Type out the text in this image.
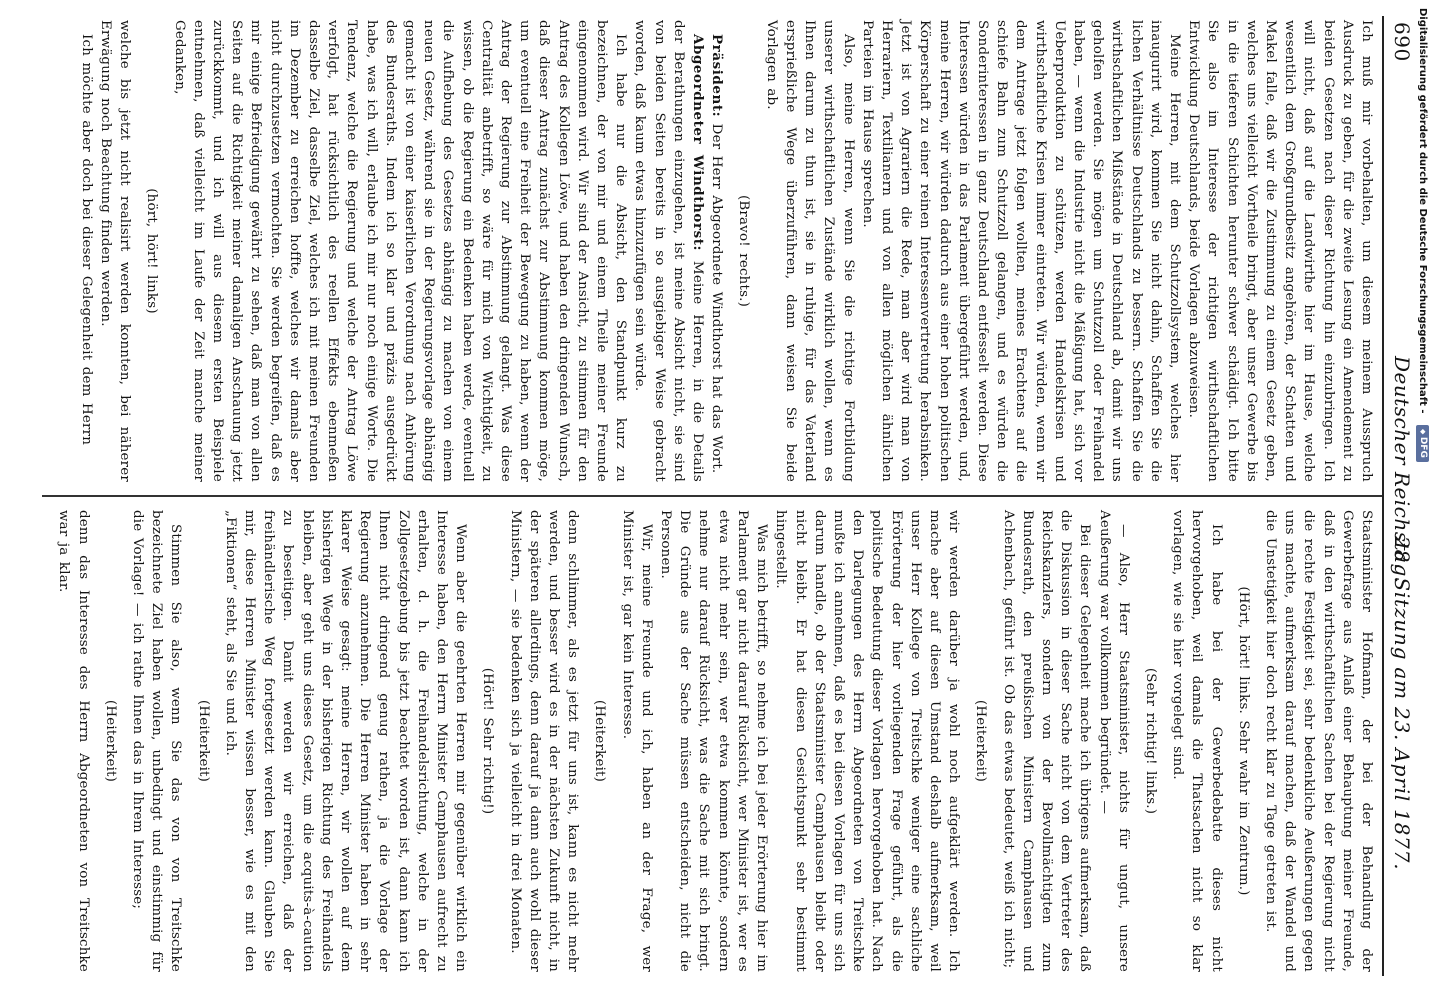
690
Deutscher Reichstag.
28. Sitzung am 23. April 1877.

Ich muß mir vorbehalten, um diesem meinem Ausspruch Ausdruck zu geben, für die zweite Lesung ein Amendement zu beiden Gesetzen nach dieser Richtung hin einzubringen. Ich will nicht, daß auf die Landwirthe hier im Hause, welche wesentlich dem Großgrundbesitz angehören, der Schatten und Makel falle, daß wir die Zustimmung zu einem Gesetz geben, welches uns vielleicht Vortheile bringt, aber unser Gewerbe bis in die tieferen Schichten herunter schwer schädigt. Ich bitte Sie also im Interesse der richtigen wirthschaftlichen Entwicklung Deutschlands, beide Vorlagen abzuweisen.

Meine Herren, mit dem Schutzzollsystem, welches hier inaugurirt wird, kommen Sie nicht dahin, Schaffen Sie die lichen Verhältnisse Deutschlands zu bessern. Schaffen Sie die wirthschaftlichen Mißstände in Deutschland ab, damit wir uns geholfen werden. Sie mögen um Schutzzoll oder Freihandel haben, — wenn die Industrie nicht die Mäßigung hat, sich vor Ueberproduktion zu schützen, werden Handelskrisen und wirthschaftliche Krisen immer eintreten. Wir würden, wenn wir dem Antrage jetzt folgen wollten, meines Erachtens auf die schiefe Bahn zum Schutzzoll gelangen, und es würden die Sonderinteressen in ganz Deutschland entfesselt werden. Diese Interessen würden in das Parlament übergeführt werden, und, meine Herren, wir würden dadurch aus einer hohen politischen Körperschaft zu einer reinen Interessenvertretung herabsinken. Jetzt ist von Agrariern die Rede, man aber wird man von Herrariern, Textilianern und von allen möglichen ähnlichen Parteien im Hause sprechen.

Also, meine Herren, wenn Sie die richtige Fortbildung unserer wirthschaftlichen Zustände wirklich wollen, wenn es Ihnen darum zu thun ist, sie in ruhige, für das Vaterland ersprießliche Wege überzuführen, dann weisen Sie beide Vorlagen ab.

(Bravo! rechts.)

Präsident: Der Herr Abgeordnete Windthorst hat das Wort.

Abgeordneter Windthorst: Meine Herren, in die Details der Berathungen einzugehen, ist meine Absicht nicht, sie sind von beiden Seiten bereits in so ausgiebiger Weise gebracht worden, daß kaum etwas hinzuzufügen sein würde.

Ich habe nur die Absicht, den Standpunkt kurz zu bezeichnen, der von mir und einem Theile meiner Freunde eingenommen wird. Wir sind der Ansicht, zu stimmen für den Antrag des Kollegen Löwe, und haben den dringenden Wunsch, daß dieser Antrag zunächst zur Abstimmung kommen möge, um eventuell eine Freiheit der Bewegung zu haben, wenn der Antrag der Regierung zur Abstimmung gelangt. Was diese Centralität anbetrifft, so wäre für mich von Wichtigkeit, zu wissen, ob die Regierung ein Bedenken haben werde, eventuell die Aufhebung des Gesetzes abhängig zu machen von einem neuen Gesetz, während sie in der Regierungsvorlage abhängig gemacht ist von einer kaiserlichen Verordnung nach Anhörung des Bundesraths. Indem ich so klar und präzis ausgedrückt habe, was ich will, erlaube ich mir nur noch einige Worte. Die Tendenz, welche die Regierung und welche der Antrag Löwe verfolgt, hat rücksichtlich des reellen Effekts ebenmeßen dasselbe Ziel, dasselbe Ziel, welches ich mit meinen Freunden im Dezember zu erreichen hoffte, welches wir damals aber nicht durchzusetzen vermochten. Sie werden begreifen, daß es mir einige Befriedigung gewährt zu sehen, daß man von allen Seiten auf die Richtigkeit meiner damaligen Anschauung jetzt zurückkommt, und ich will aus diesem ersten Beispiele entnehmen, daß vielleicht im Laufe der Zeit manche meiner Gedanken,

(hört, hört! links)

welche bis jetzt nicht realisirt werden konnten, bei näherer Erwägung noch Beachtung finden werden.

Ich möchte aber doch bei dieser Gelegenheit dem Herrn

Staatsminister Hofmann, der bei der Behandlung der Gewerbefrage aus Anlaß einer Behauptung meiner Freunde, daß in den wirthschaftlichen Sachen bei der Regierung nicht die rechte Festigkeit sei, sehr bedenkliche Aeußerungen gegen uns machte, aufmerksam darauf machen, daß der Wandel und die Unstetigkeit hier doch recht klar zu Tage getreten ist.

(Hört, hört! links. Sehr wahr im Zentrum.)

Ich habe bei der Gewerbedebatte dieses nicht hervorgehoben, weil damals die Thatsachen nicht so klar vorlagen, wie sie hier vorgelegt sind.

(Sehr richtig! links.)

— Also, Herr Staatsminister, nichts für ungut, unsere Aeußerung war vollkommen begründet. —

Bei dieser Gelegenheit mache ich übrigens aufmerksam, daß die Diskussion in dieser Sache nicht von dem Vertreter des Reichskanzlers, sondern von der Bevollmächtigten zum Bundesrath, den preußischen Ministern Camphausen und Achenbach, geführt ist. Ob das etwas bedeutet, weiß ich nicht;

(Heiterkeit)

wir werden darüber ja wohl noch aufgeklärt werden. Ich mache aber auf diesen Umstand deshalb aufmerksam, weil unser Herr Kollege von Treitschke weniger eine sachliche Erörterung der hier vorliegenden Frage geführt, als die politische Bedeutung dieser Vorlagen hervorgehoben hat. Nach den Darlegungen des Herrn Abgeordneten von Treitschke mußte ich annehmen, daß es bei diesen Vorlagen für uns sich darum handle, ob der Staatsminister Camphausen bleibt oder nicht bleibt. Er hat diesen Gesichtspunkt sehr bestimmt hingestellt.

Was mich betrifft, so nehme ich bei jeder Erörterung hier im Parlament gar nicht darauf Rücksicht, wer Minister ist, wer es etwa nicht mehr sein, wer etwa kommen könnte, sondern nehme nur darauf Rücksicht, was die Sache mit sich bringt. Die Gründe aus der Sache müssen entscheiden, nicht die Personen.

Wir, meine Freunde und ich, haben an der Frage, wer Minister ist, gar kein Interesse.

(Heiterkeit)

denn schlimmer, als es jetzt für uns ist, kann es nicht mehr werden, und besser wird es in der nächsten Zukunft nicht, in der späteren allerdings, denn darauf ja dann auch wohl dieser Ministern, — sie bedenken sich ja vielleicht in drei Monaten.

(Hört! Sehr richtig!)

Wenn aber die geehrten Herren mir gegenüber wirklich ein Interesse haben, den Herrn Minister Camphausen aufrecht zu erhalten, d. h. die Freihandelsrichtung, welche in der Zollgesetzgebung bis jetzt beachtet worden ist, dann kann ich Ihnen nicht dringend genug rathen, ja die Vorlage der Regierung anzunehmen. Die Herren Minister haben in sehr klarer Weise gesagt: meine Herren, wir wollen auf dem bisherigen Wege in der bisherigen Richtung des Freihandels bleiben, aber geht uns dieses Gesetz, um die acquits-à-caution zu beseitigen. Damit werden wir erreichen, daß der freihändlerische Weg fortgesetzt werden kann. Glauben Sie mir, diese Herren Minister wissen besser, wie es mit den „Fiktionen“ steht, als Sie und ich.

(Heiterkeit)

Stimmen Sie also, wenn Sie das von von Treitschke bezeichnete Ziel haben wollen, unbedingt und einstimmig für die Vorlage! — ich rathe Ihnen das in Ihrem Interesse;

(Heiterkeit)

denn das Interesse des Herrn Abgeordneten von Treitschke war ja klar.

Digitalisierung gefördert durch die Deutsche Forschungsgemeinschaft - ◆ DFG
